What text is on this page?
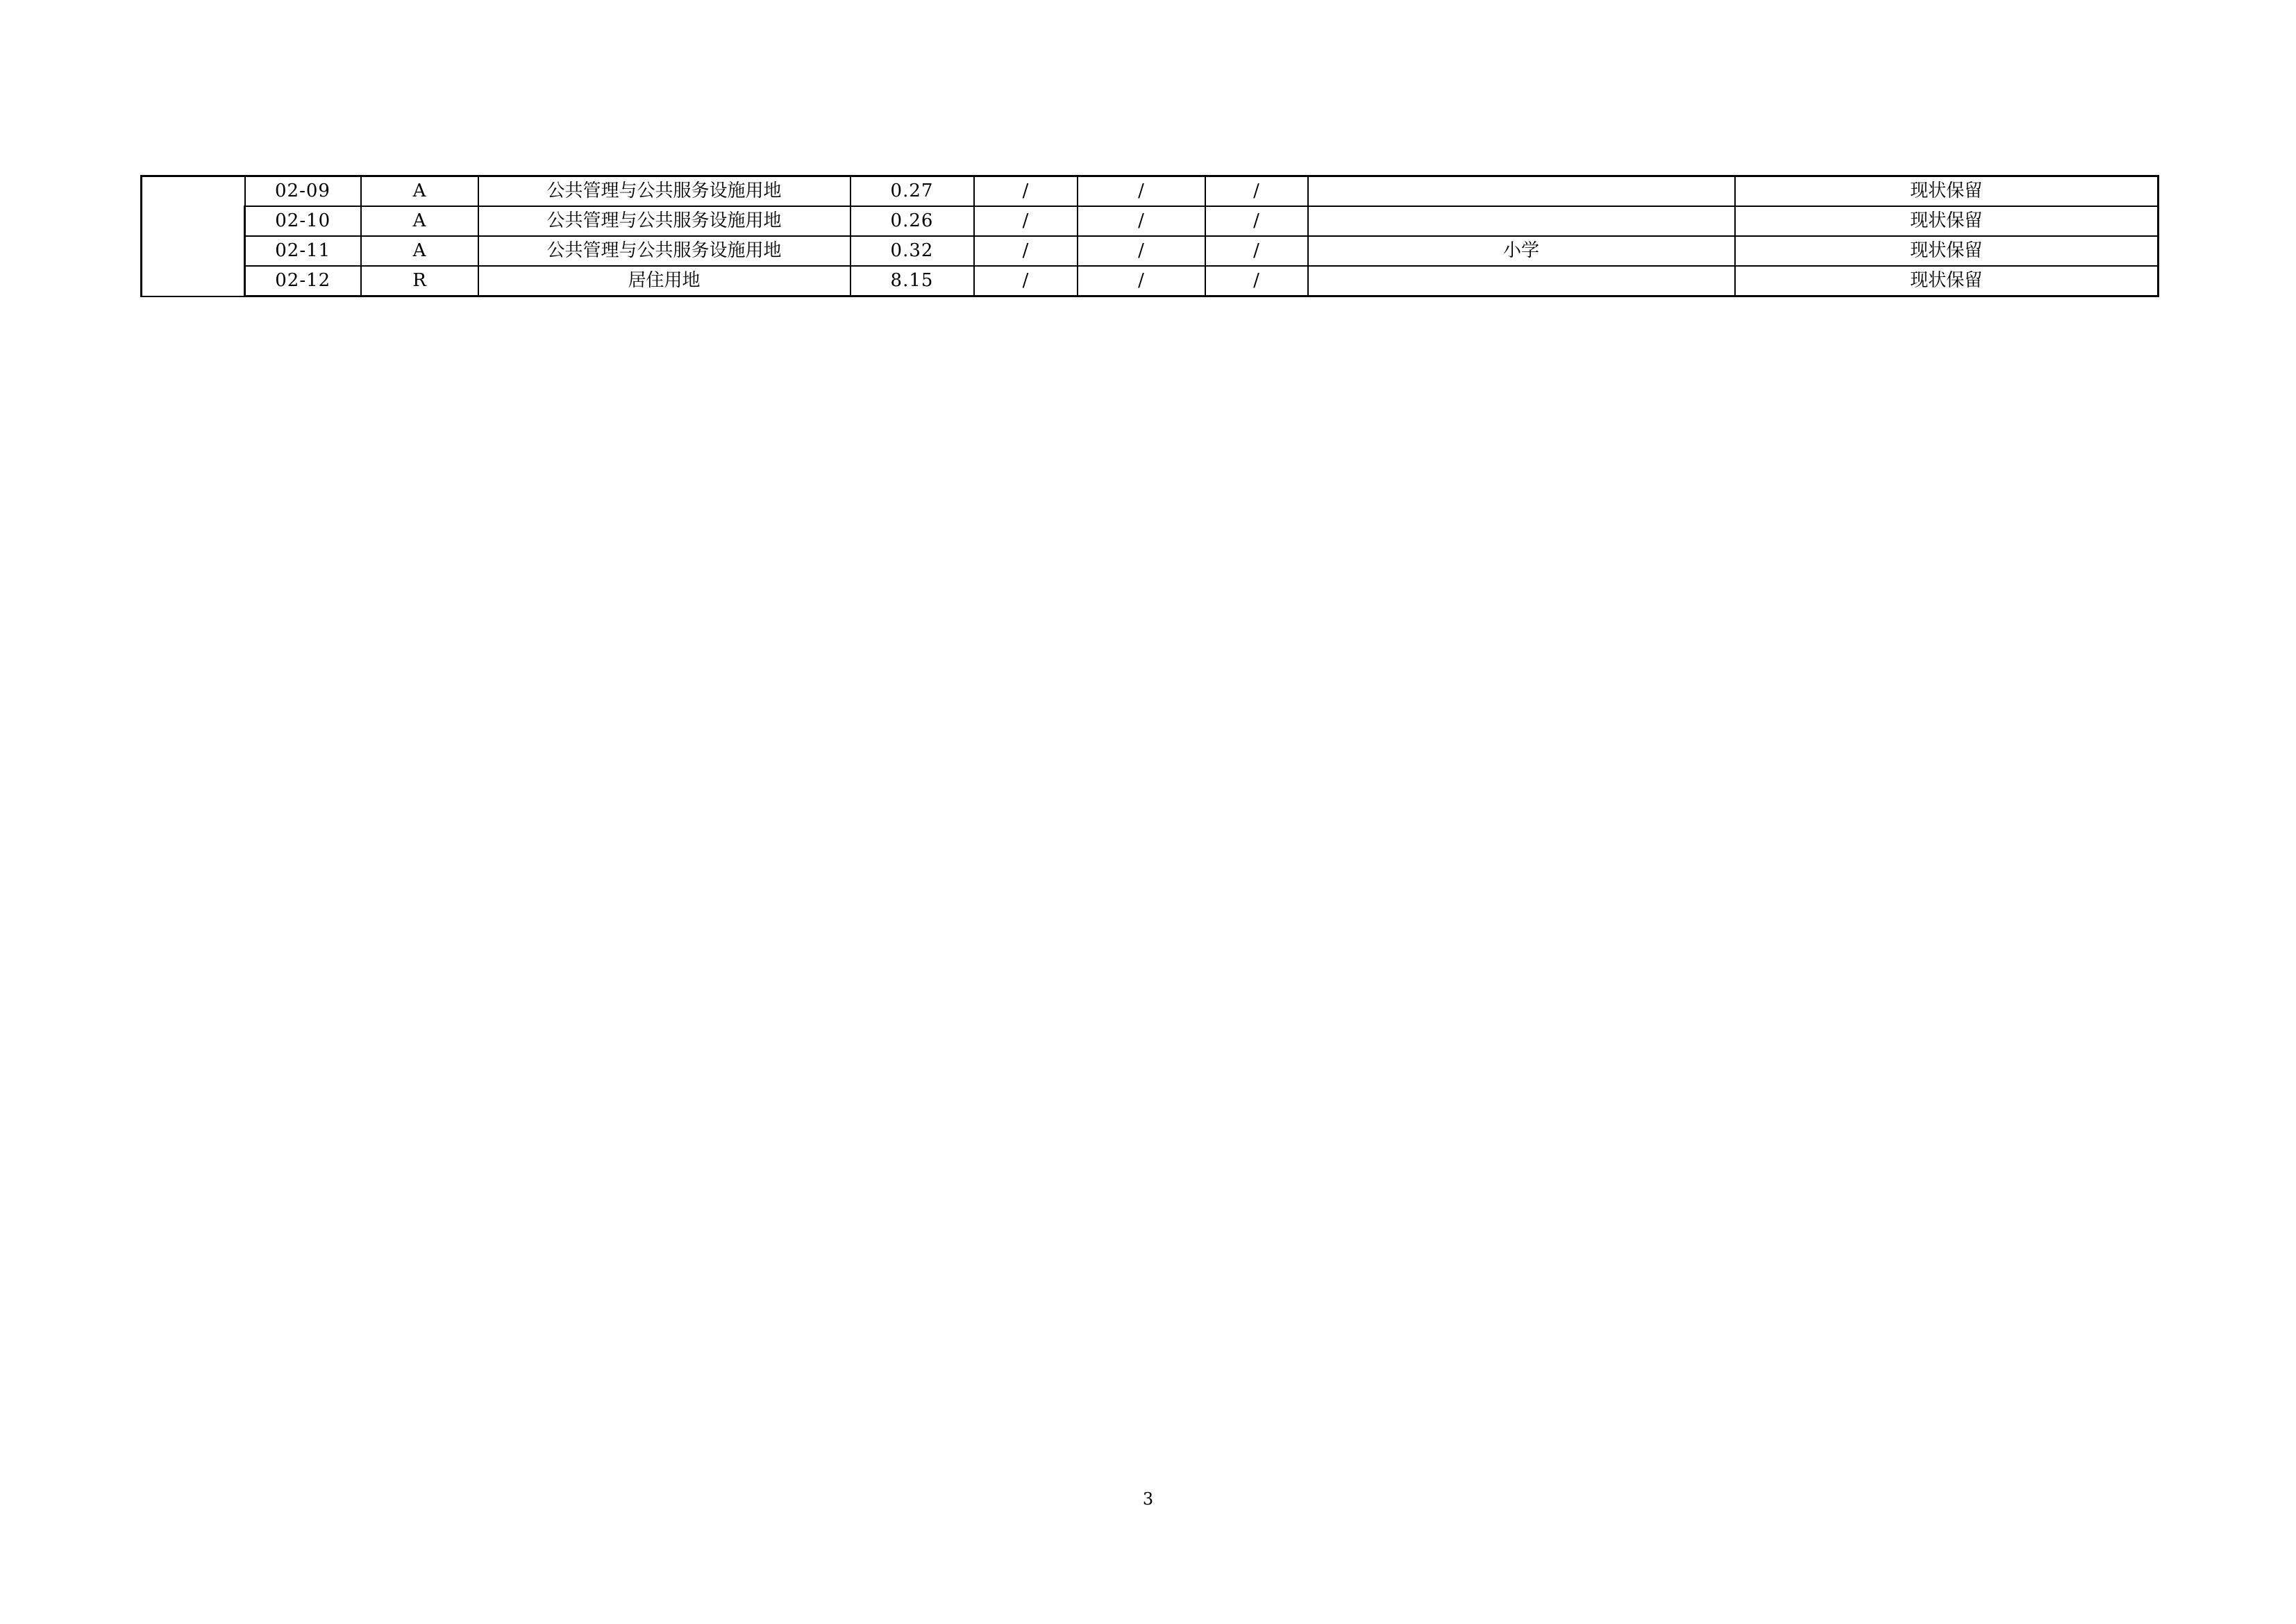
	02-09	A	公共管理与公共服务设施用地	0.27	/	/	/		现状保留
	02-10	A	公共管理与公共服务设施用地	0.26	/	/	/		现状保留
	02-11	A	公共管理与公共服务设施用地	0.32	/	/	/	小学	现状保留
	02-12	R	居住用地	8.15	/	/	/		现状保留
3
